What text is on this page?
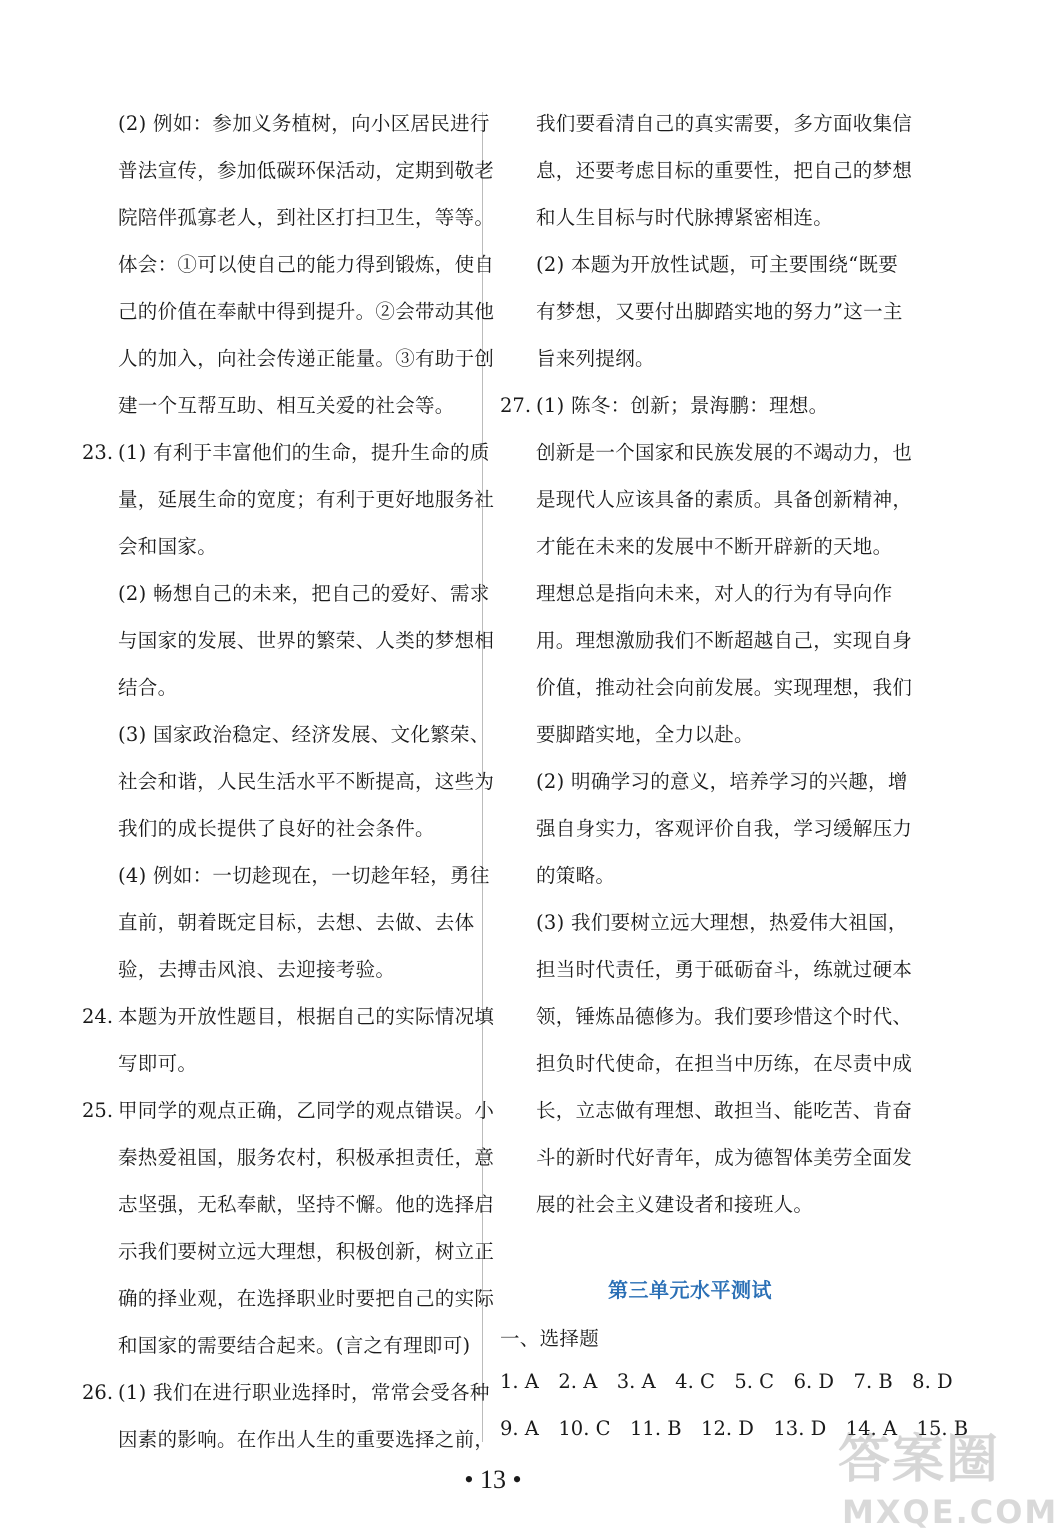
(2) 例如：参加义务植树，向小区居民进行
普法宣传，参加低碳环保活动，定期到敬老
院陪伴孤寡老人，到社区打扫卫生，等等。
体会：①可以使自己的能力得到锻炼，使自
己的价值在奉献中得到提升。②会带动其他
人的加入，向社会传递正能量。③有助于创
建一个互帮互助、相互关爱的社会等。
23. (1) 有利于丰富他们的生命，提升生命的质
量，延展生命的宽度；有利于更好地服务社
会和国家。
(2) 畅想自己的未来，把自己的爱好、需求
与国家的发展、世界的繁荣、人类的梦想相
结合。
(3) 国家政治稳定、经济发展、文化繁荣、
社会和谐，人民生活水平不断提高，这些为
我们的成长提供了良好的社会条件。
(4) 例如：一切趁现在，一切趁年轻，勇往
直前，朝着既定目标，去想、去做、去体
验，去搏击风浪、去迎接考验。
24. 本题为开放性题目，根据自己的实际情况填
写即可。
25. 甲同学的观点正确，乙同学的观点错误。小
秦热爱祖国，服务农村，积极承担责任，意
志坚强，无私奉献，坚持不懈。他的选择启
示我们要树立远大理想，积极创新，树立正
确的择业观，在选择职业时要把自己的实际
和国家的需要结合起来。(言之有理即可)
26. (1) 我们在进行职业选择时，常常会受各种
因素的影响。在作出人生的重要选择之前，
我们要看清自己的真实需要，多方面收集信
息，还要考虑目标的重要性，把自己的梦想
和人生目标与时代脉搏紧密相连。
(2) 本题为开放性试题，可主要围绕“既要
有梦想，又要付出脚踏实地的努力”这一主
旨来列提纲。
27. (1) 陈冬：创新；景海鹏：理想。
创新是一个国家和民族发展的不竭动力，也
是现代人应该具备的素质。具备创新精神，
才能在未来的发展中不断开辟新的天地。
理想总是指向未来，对人的行为有导向作
用。理想激励我们不断超越自己，实现自身
价值，推动社会向前发展。实现理想，我们
要脚踏实地，全力以赴。
(2) 明确学习的意义，培养学习的兴趣，增
强自身实力，客观评价自我，学习缓解压力
的策略。
(3) 我们要树立远大理想，热爱伟大祖国，
担当时代责任，勇于砥砺奋斗，练就过硬本
领，锤炼品德修为。我们要珍惜这个时代、
担负时代使命，在担当中历练，在尽责中成
长，立志做有理想、敢担当、能吃苦、肯奋
斗的新时代好青年，成为德智体美劳全面发
展的社会主义建设者和接班人。
第三单元水平测试
一、选择题
1. A　2. A　3. A　4. C　5. C　6. D　7. B　8. D
9. A　10. C　11. B　12. D　13. D　14. A　15. B
• 13 •	答案圈
MXQE.COM
